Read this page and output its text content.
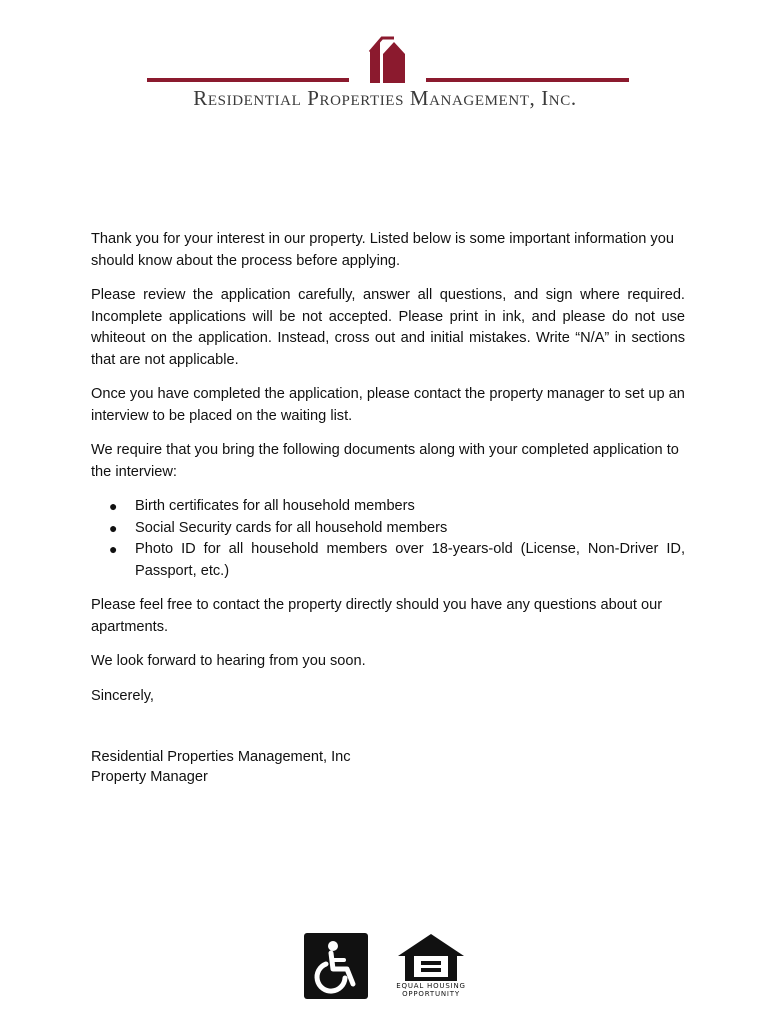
Residential Properties Management, Inc.

Thank you for your interest in our property. Listed below is some important information you should know about the process before applying.

Please review the application carefully, answer all questions, and sign where required. Incomplete applications will be not accepted. Please print in ink, and please do not use whiteout on the application. Instead, cross out and initial mistakes. Write “N/A” in sections that are not applicable.

Once you have completed the application, please contact the property manager to set up an interview to be placed on the waiting list.

We require that you bring the following documents along with your completed application to the interview:

● Birth certificates for all household members
● Social Security cards for all household members
● Photo ID for all household members over 18-years-old (License, Non-Driver ID, Passport, etc.)

Please feel free to contact the property directly should you have any questions about our apartments.

We look forward to hearing from you soon.

Sincerely,

Residential Properties Management, Inc
Property Manager
EQUAL HOUSING
OPPORTUNITY
